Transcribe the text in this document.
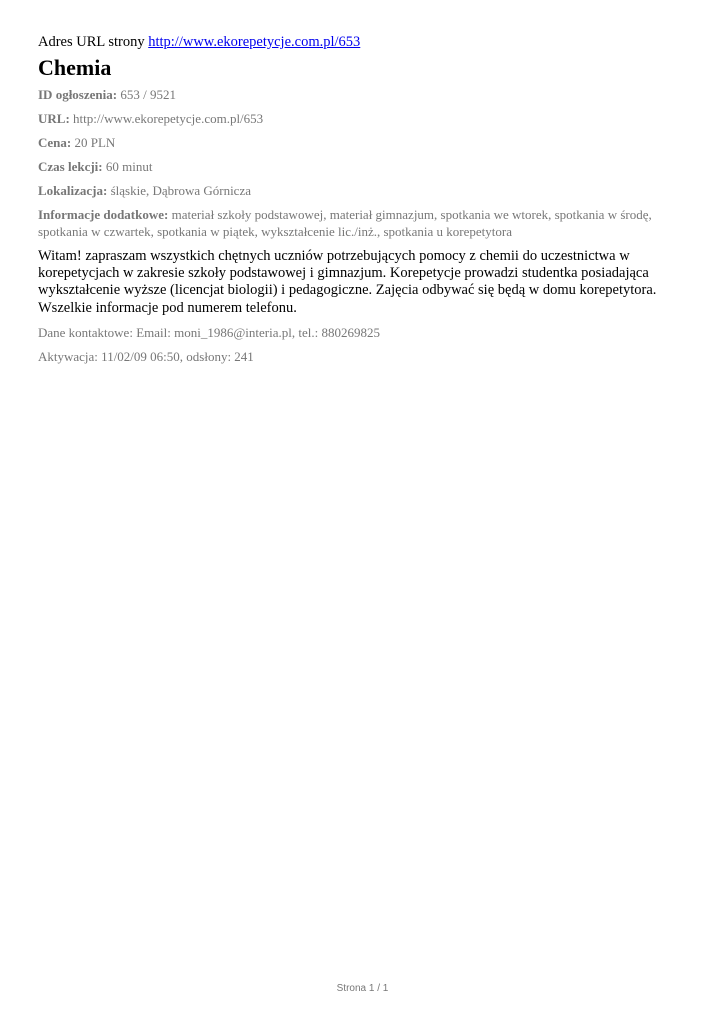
Adres URL strony http://www.ekorepetycje.com.pl/653
Chemia
ID ogłoszenia: 653 / 9521
URL: http://www.ekorepetycje.com.pl/653
Cena: 20 PLN
Czas lekcji: 60 minut
Lokalizacja: śląskie, Dąbrowa Górnicza
Informacje dodatkowe: materiał szkoły podstawowej, materiał gimnazjum, spotkania we wtorek, spotkania w środę, spotkania w czwartek, spotkania w piątek, wykształcenie lic./inż., spotkania u korepetytora
Witam! zapraszam wszystkich chętnych uczniów potrzebujących pomocy z chemii do uczestnictwa w korepetycjach w zakresie szkoły podstawowej i gimnazjum. Korepetycje prowadzi studentka posiadająca wykształcenie wyższe (licencjat biologii) i pedagogiczne. Zajęcia odbywać się będą w domu korepetytora. Wszelkie informacje pod numerem telefonu.
Dane kontaktowe: Email: moni_1986@interia.pl, tel.: 880269825
Aktywacja: 11/02/09 06:50, odsłony: 241
Strona 1 / 1
